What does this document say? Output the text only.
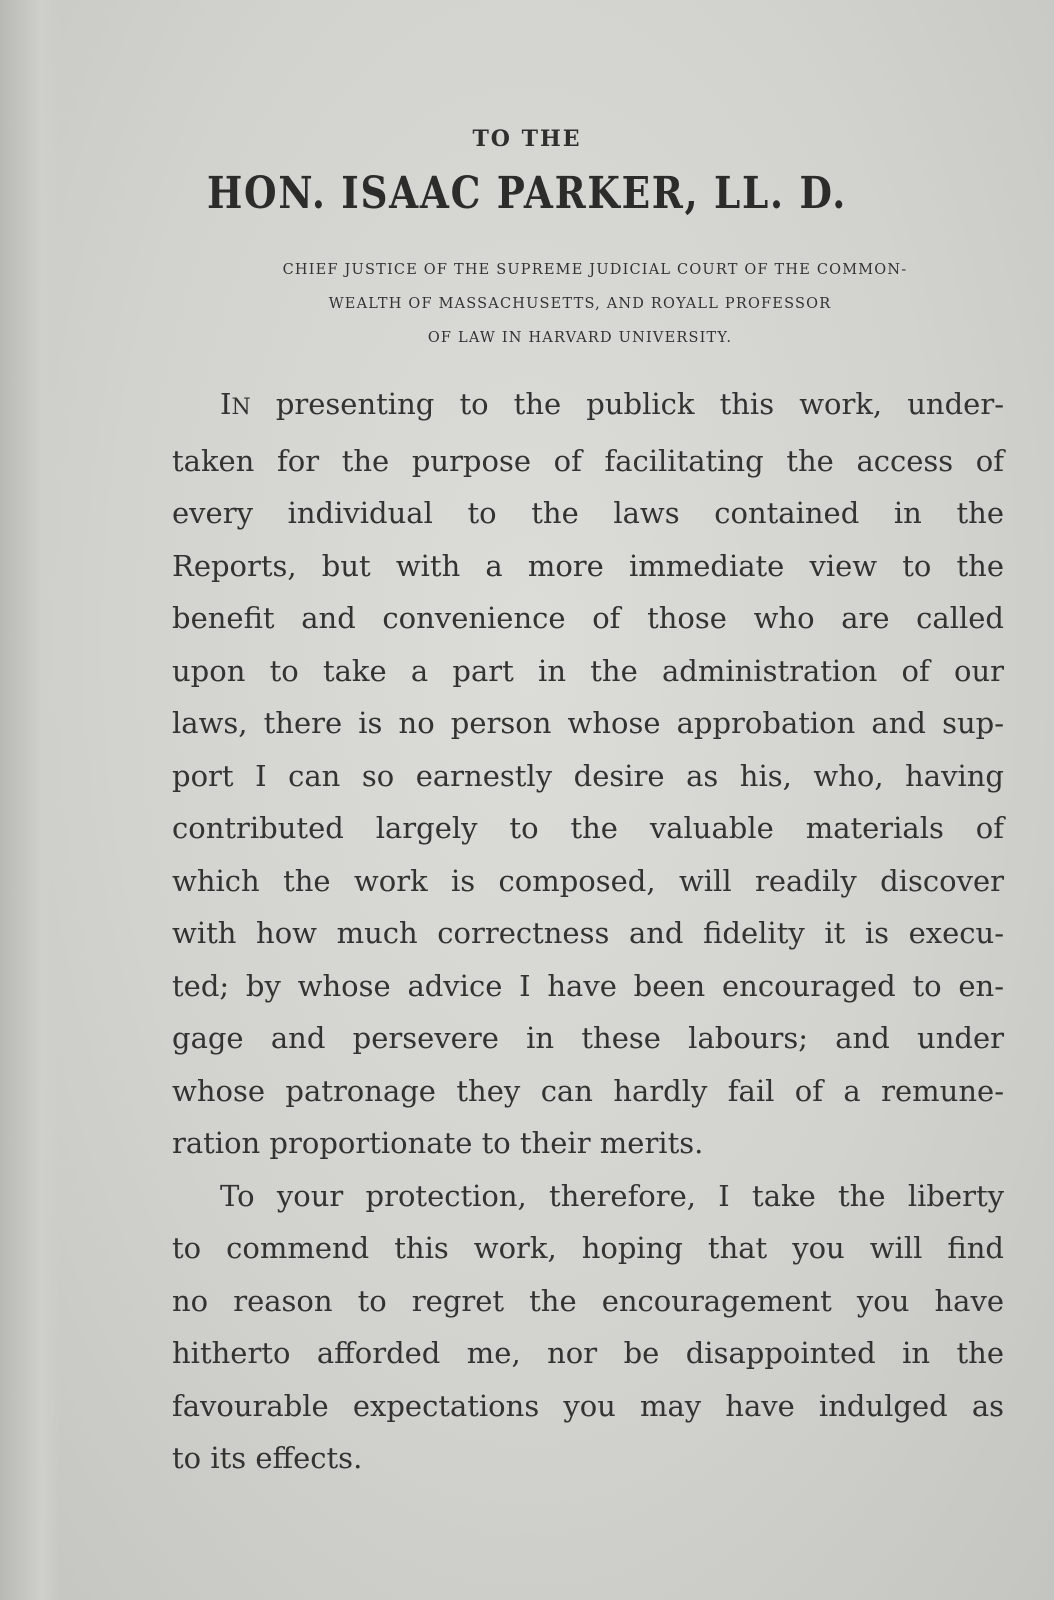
TO THE
HON. ISAAC PARKER, LL. D.
CHIEF JUSTICE OF THE SUPREME JUDICIAL COURT OF THE COMMON-
WEALTH OF MASSACHUSETTS, AND ROYALL PROFESSOR
OF LAW IN HARVARD UNIVERSITY.
IN presenting to the publick this work, under-
taken for the purpose of facilitating the access of
every individual to the laws contained in the
Reports, but with a more immediate view to the
benefit and convenience of those who are called
upon to take a part in the administration of our
laws, there is no person whose approbation and sup-
port I can so earnestly desire as his, who, having
contributed largely to the valuable materials of
which the work is composed, will readily discover
with how much correctness and fidelity it is execu-
ted; by whose advice I have been encouraged to en-
gage and persevere in these labours; and under
whose patronage they can hardly fail of a remune-
ration proportionate to their merits.
To your protection, therefore, I take the liberty
to commend this work, hoping that you will find
no reason to regret the encouragement you have
hitherto afforded me, nor be disappointed in the
favourable expectations you may have indulged as
to its effects.
